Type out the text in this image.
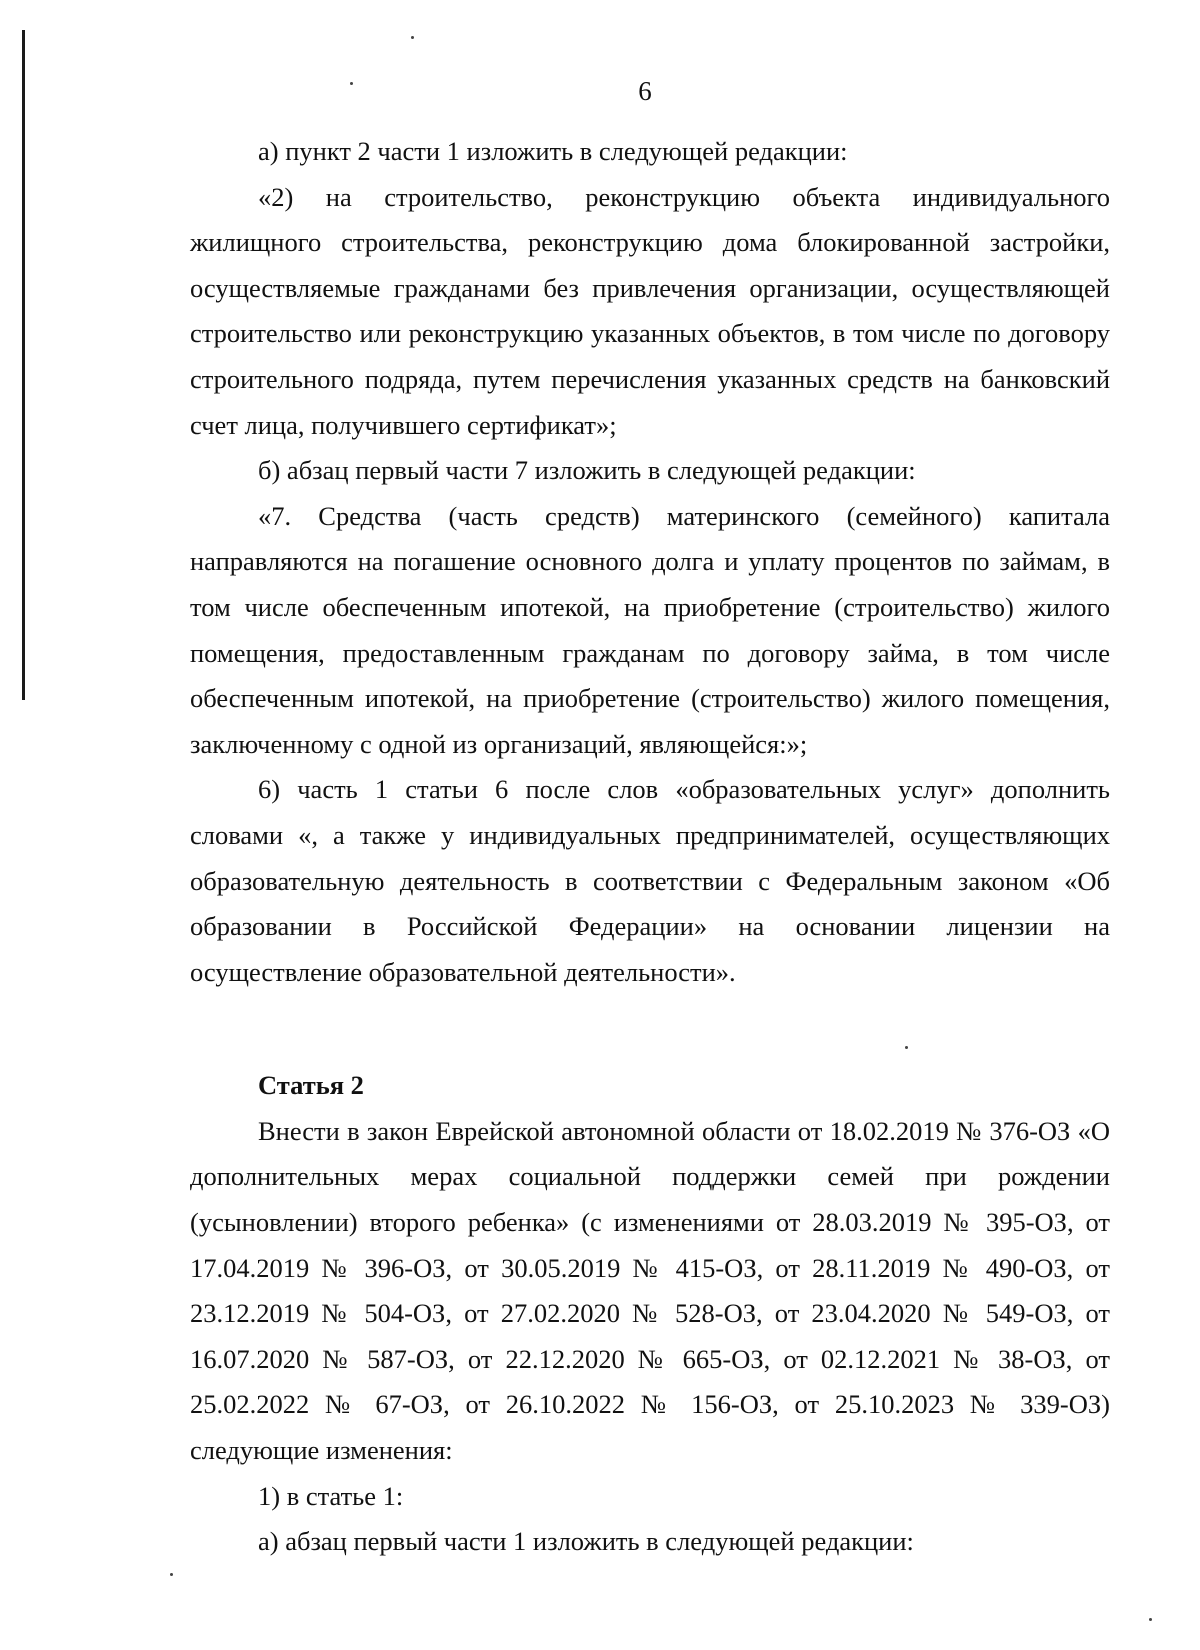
6

а) пункт 2 части 1 изложить в следующей редакции:

«2) на строительство, реконструкцию объекта индивидуального жилищного строительства, реконструкцию дома блокированной застройки, осуществляемые гражданами без привлечения организации, осуществляющей строительство или реконструкцию указанных объектов, в том числе по договору строительного подряда, путем перечисления указанных средств на банковский счет лица, получившего сертификат»;

б) абзац первый части 7 изложить в следующей редакции:

«7. Средства (часть средств) материнского (семейного) капитала направляются на погашение основного долга и уплату процентов по займам, в том числе обеспеченным ипотекой, на приобретение (строительство) жилого помещения, предоставленным гражданам по договору займа, в том числе обеспеченным ипотекой, на приобретение (строительство) жилого помещения, заключенному с одной из организаций, являющейся:»;

6) часть 1 статьи 6 после слов «образовательных услуг» дополнить словами «, а также у индивидуальных предпринимателей, осуществляющих образовательную деятельность в соответствии с Федеральным законом «Об образовании в Российской Федерации» на основании лицензии на осуществление образовательной деятельности».

Статья 2

Внести в закон Еврейской автономной области от 18.02.2019 № 376-ОЗ «О дополнительных мерах социальной поддержки семей при рождении (усыновлении) второго ребенка» (с изменениями от 28.03.2019 № 395-ОЗ, от 17.04.2019 № 396-ОЗ, от 30.05.2019 № 415-ОЗ, от 28.11.2019 № 490-ОЗ, от 23.12.2019 № 504-ОЗ, от 27.02.2020 № 528-ОЗ, от 23.04.2020 № 549-ОЗ, от 16.07.2020 № 587-ОЗ, от 22.12.2020 № 665-ОЗ, от 02.12.2021 № 38-ОЗ, от 25.02.2022 № 67-ОЗ, от 26.10.2022 № 156-ОЗ, от 25.10.2023 № 339-ОЗ) следующие изменения:

1) в статье 1:

а) абзац первый части 1 изложить в следующей редакции:
